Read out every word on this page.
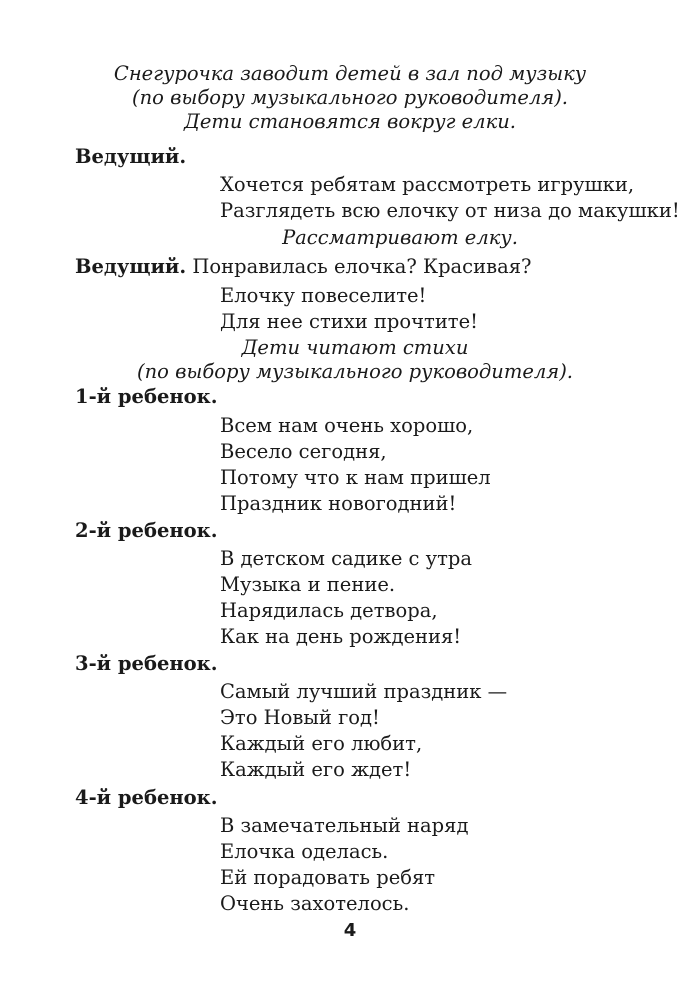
Снегурочка заводит детей в зал под музыку
(по выбору музыкального руководителя).
Дети становятся вокруг елки.

Ведущий.

Хочется ребятам рассмотреть игрушки,
Разглядеть всю елочку от низа до макушки!
Рассматривают елку.

Ведущий. Понравилась елочка? Красивая?

Елочку повеселите!
Для нее стихи прочтите!
Дети читают стихи
(по выбору музыкального руководителя).

1-й ребенок.

Всем нам очень хорошо,
Весело сегодня,
Потому что к нам пришел
Праздник новогодний!

2-й ребенок.

В детском садике с утра
Музыка и пение.
Нарядилась детвора,
Как на день рождения!

3-й ребенок.

Самый лучший праздник —
Это Новый год!
Каждый его любит,
Каждый его ждет!

4-й ребенок.

В замечательный наряд
Елочка оделась.
Ей порадовать ребят
Очень захотелось.
4
